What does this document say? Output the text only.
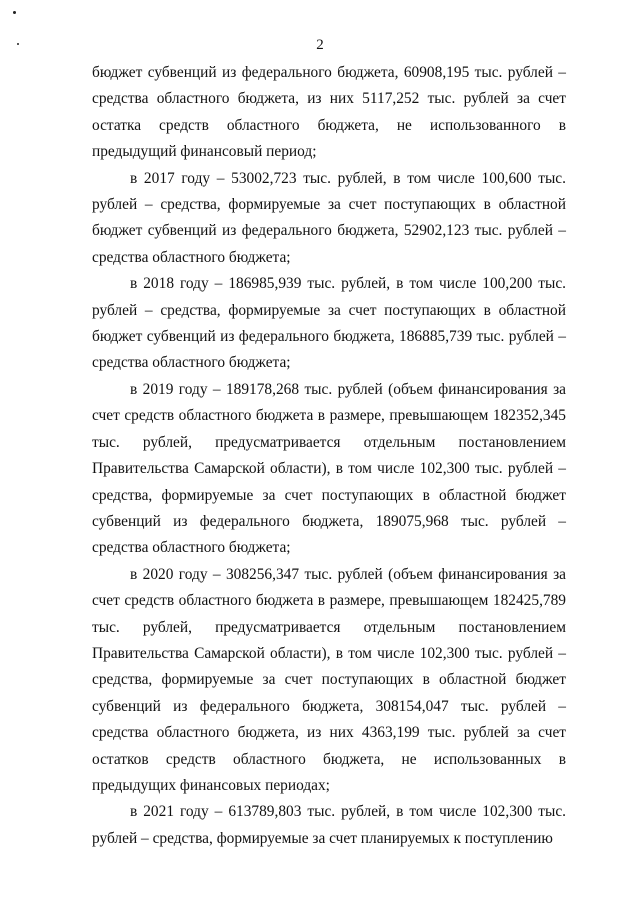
2

бюджет субвенций из федерального бюджета, 60908,195 тыс. рублей – средства областного бюджета, из них 5117,252 тыс. рублей за счет остатка средств областного бюджета, не использованного в предыдущий финансовый период;

в 2017 году – 53002,723 тыс. рублей, в том числе 100,600 тыс. рублей – средства, формируемые за счет поступающих в областной бюджет субвенций из федерального бюджета, 52902,123 тыс. рублей – средства областного бюджета;

в 2018 году – 186985,939 тыс. рублей, в том числе 100,200 тыс. рублей – средства, формируемые за счет поступающих в областной бюджет субвенций из федерального бюджета, 186885,739 тыс. рублей – средства областного бюджета;

в 2019 году – 189178,268 тыс. рублей (объем финансирования за счет средств областного бюджета в размере, превышающем 182352,345 тыс. рублей, предусматривается отдельным постановлением Правительства Самарской области), в том числе 102,300 тыс. рублей – средства, формируемые за счет поступающих в областной бюджет субвенций из федерального бюджета, 189075,968 тыс. рублей – средства областного бюджета;

в 2020 году – 308256,347 тыс. рублей (объем финансирования за счет средств областного бюджета в размере, превышающем 182425,789 тыс. рублей, предусматривается отдельным постановлением Правительства Самарской области), в том числе 102,300 тыс. рублей – средства, формируемые за счет поступающих в областной бюджет субвенций из федерального бюджета, 308154,047 тыс. рублей – средства областного бюджета, из них 4363,199 тыс. рублей за счет остатков средств областного бюджета, не использованных в предыдущих финансовых периодах;

в 2021 году – 613789,803 тыс. рублей, в том числе 102,300 тыс. рублей – средства, формируемые за счет планируемых к поступлению
